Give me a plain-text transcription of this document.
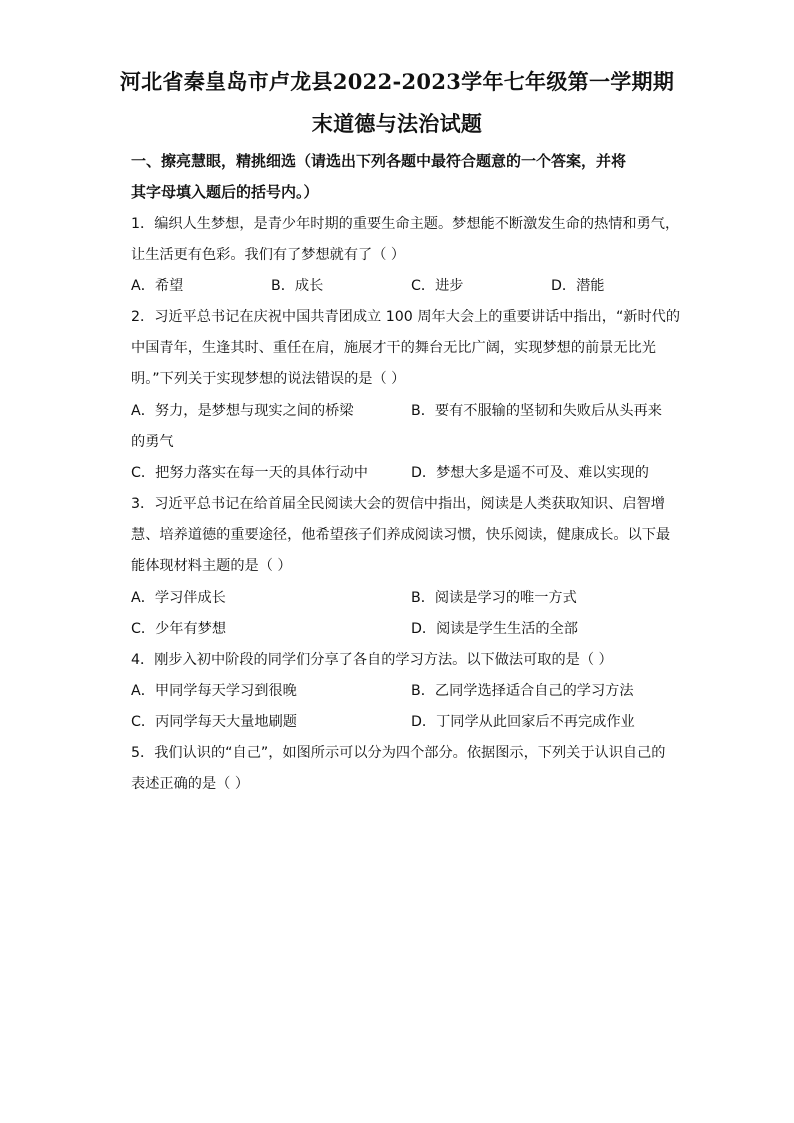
河北省秦皇岛市卢龙县2022-2023学年七年级第一学期期
末道德与法治试题
一、擦亮慧眼，精挑细选（请选出下列各题中最符合题意的一个答案，并将
其字母填入题后的括号内。）
1．编织人生梦想，是青少年时期的重要生命主题。梦想能不断激发生命的热情和勇气，
让生活更有色彩。我们有了梦想就有了（ ）
A．希望	B．成长	C．进步	D．潜能
2．习近平总书记在庆祝中国共青团成立 100 周年大会上的重要讲话中指出，“新时代的
中国青年，生逢其时、重任在肩，施展才干的舞台无比广阔，实现梦想的前景无比光
明。”下列关于实现梦想的说法错误的是（ ）
A．努力，是梦想与现实之间的桥梁	B．要有不服输的坚韧和失败后从头再来
的勇气
C．把努力落实在每一天的具体行动中	D．梦想大多是遥不可及、难以实现的
3．习近平总书记在给首届全民阅读大会的贺信中指出，阅读是人类获取知识、启智增
慧、培养道德的重要途径，他希望孩子们养成阅读习惯，快乐阅读，健康成长。以下最
能体现材料主题的是（ ）
A．学习伴成长	B．阅读是学习的唯一方式
C．少年有梦想	D．阅读是学生生活的全部
4．刚步入初中阶段的同学们分享了各自的学习方法。以下做法可取的是（ ）
A．甲同学每天学习到很晚	B．乙同学选择适合自己的学习方法
C．丙同学每天大量地刷题	D．丁同学从此回家后不再完成作业
5．我们认识的“自己”，如图所示可以分为四个部分。依据图示，下列关于认识自己的
表述正确的是（ ）
